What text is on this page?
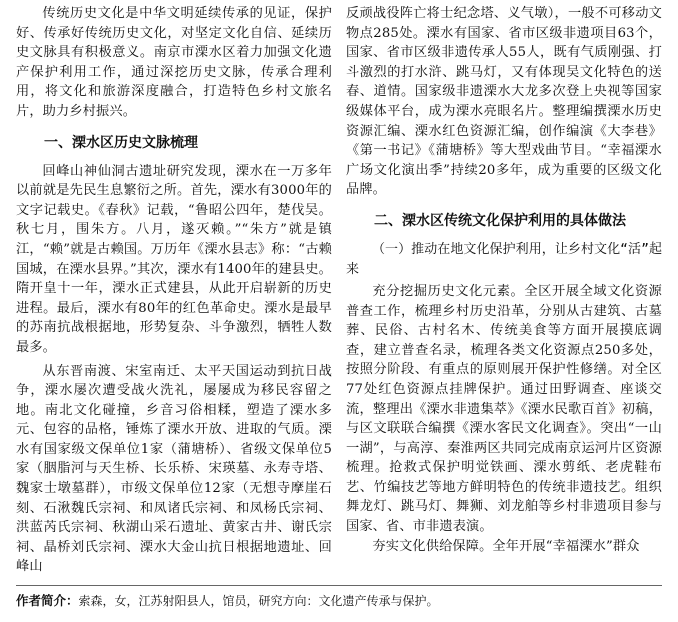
传统历史文化是中华文明延续传承的见证，保护好、传承好传统历史文化，对坚定文化自信、延续历史文脉具有积极意义。南京市溧水区着力加强文化遗产保护利用工作，通过深挖历史文脉，传承合理利用，将文化和旅游深度融合，打造特色乡村文旅名片，助力乡村振兴。

一、溧水区历史文脉梳理

回峰山神仙洞古遗址研究发现，溧水在一万多年以前就是先民生息繁衍之所。首先，溧水有3000年的文字记载史。《春秋》记载，“鲁昭公四年，楚伐吴。秋七月，围朱方。八月，遂灭赖。”“朱方”就是镇江，“赖”就是古赖国。万历年《溧水县志》称：“古赖国城，在溧水县界。”其次，溧水有1400年的建县史。隋开皇十一年，溧水正式建县，从此开启崭新的历史进程。最后，溧水有80年的红色革命史。溧水是最早的苏南抗战根据地，形势复杂、斗争激烈，牺牲人数最多。

从东晋南渡、宋室南迁、太平天国运动到抗日战争，溧水屡次遭受战火洗礼，屡屡成为移民容留之地。南北文化碰撞，乡音习俗相糅，塑造了溧水多元、包容的品格，锤炼了溧水开放、进取的气质。溧水有国家级文保单位1家（蒲塘桥）、省级文保单位5家（胭脂河与天生桥、长乐桥、宋瑛墓、永寿寺塔、魏家士墩墓群），市级文保单位12家（无想寺摩崖石刻、石湫魏氏宗祠、和凤诸氏宗祠、和凤杨氏宗祠、洪蓝芮氏宗祠、秋湖山采石遗址、黄家古井、谢氏宗祠、晶桥刘氏宗祠、溧水大金山抗日根据地遗址、回峰山

反顽战役阵亡将士纪念塔、义气墩），一般不可移动文物点285处。溧水有国家、省市区级非遗项目63个，国家、省市区级非遗传承人55人，既有气质刚强、打斗激烈的打水浒、跳马灯，又有体现吴文化特色的送春、道情。国家级非遗溧水大龙多次登上央视等国家级媒体平台，成为溧水亮眼名片。整理编撰溧水历史资源汇编、溧水红色资源汇编，创作编演《大李巷》《第一书记》《蒲塘桥》等大型戏曲节目。“幸福溧水广场文化演出季”持续20多年，成为重要的区级文化品牌。

二、溧水区传统文化保护利用的具体做法
（一）推动在地文化保护利用，让乡村文化“活”起来

充分挖掘历史文化元素。全区开展全域文化资源普查工作，梳理乡村历史沿革，分别从古建筑、古墓葬、民俗、古村名木、传统美食等方面开展摸底调查，建立普查名录，梳理各类文化资源点250多处，按照分阶段、有重点的原则展开保护性修缮。对全区77处红色资源点挂牌保护。通过田野调查、座谈交流，整理出《溧水非遗集萃》《溧水民歌百首》初稿，与区文联联合编撰《溧水客民文化调查》。突出“一山一湖”，与高淳、秦淮两区共同完成南京运河片区资源梳理。抢救式保护明觉铁画、溧水剪纸、老虎鞋布艺、竹编技艺等地方鲜明特色的传统非遗技艺。组织舞龙灯、跳马灯、舞狮、刘龙舶等乡村非遗项目参与国家、省、市非遗表演。

夯实文化供给保障。全年开展“幸福溧水”群众

作者简介：索森，女，江苏射阳县人，馆员，研究方向：文化遗产传承与保护。
